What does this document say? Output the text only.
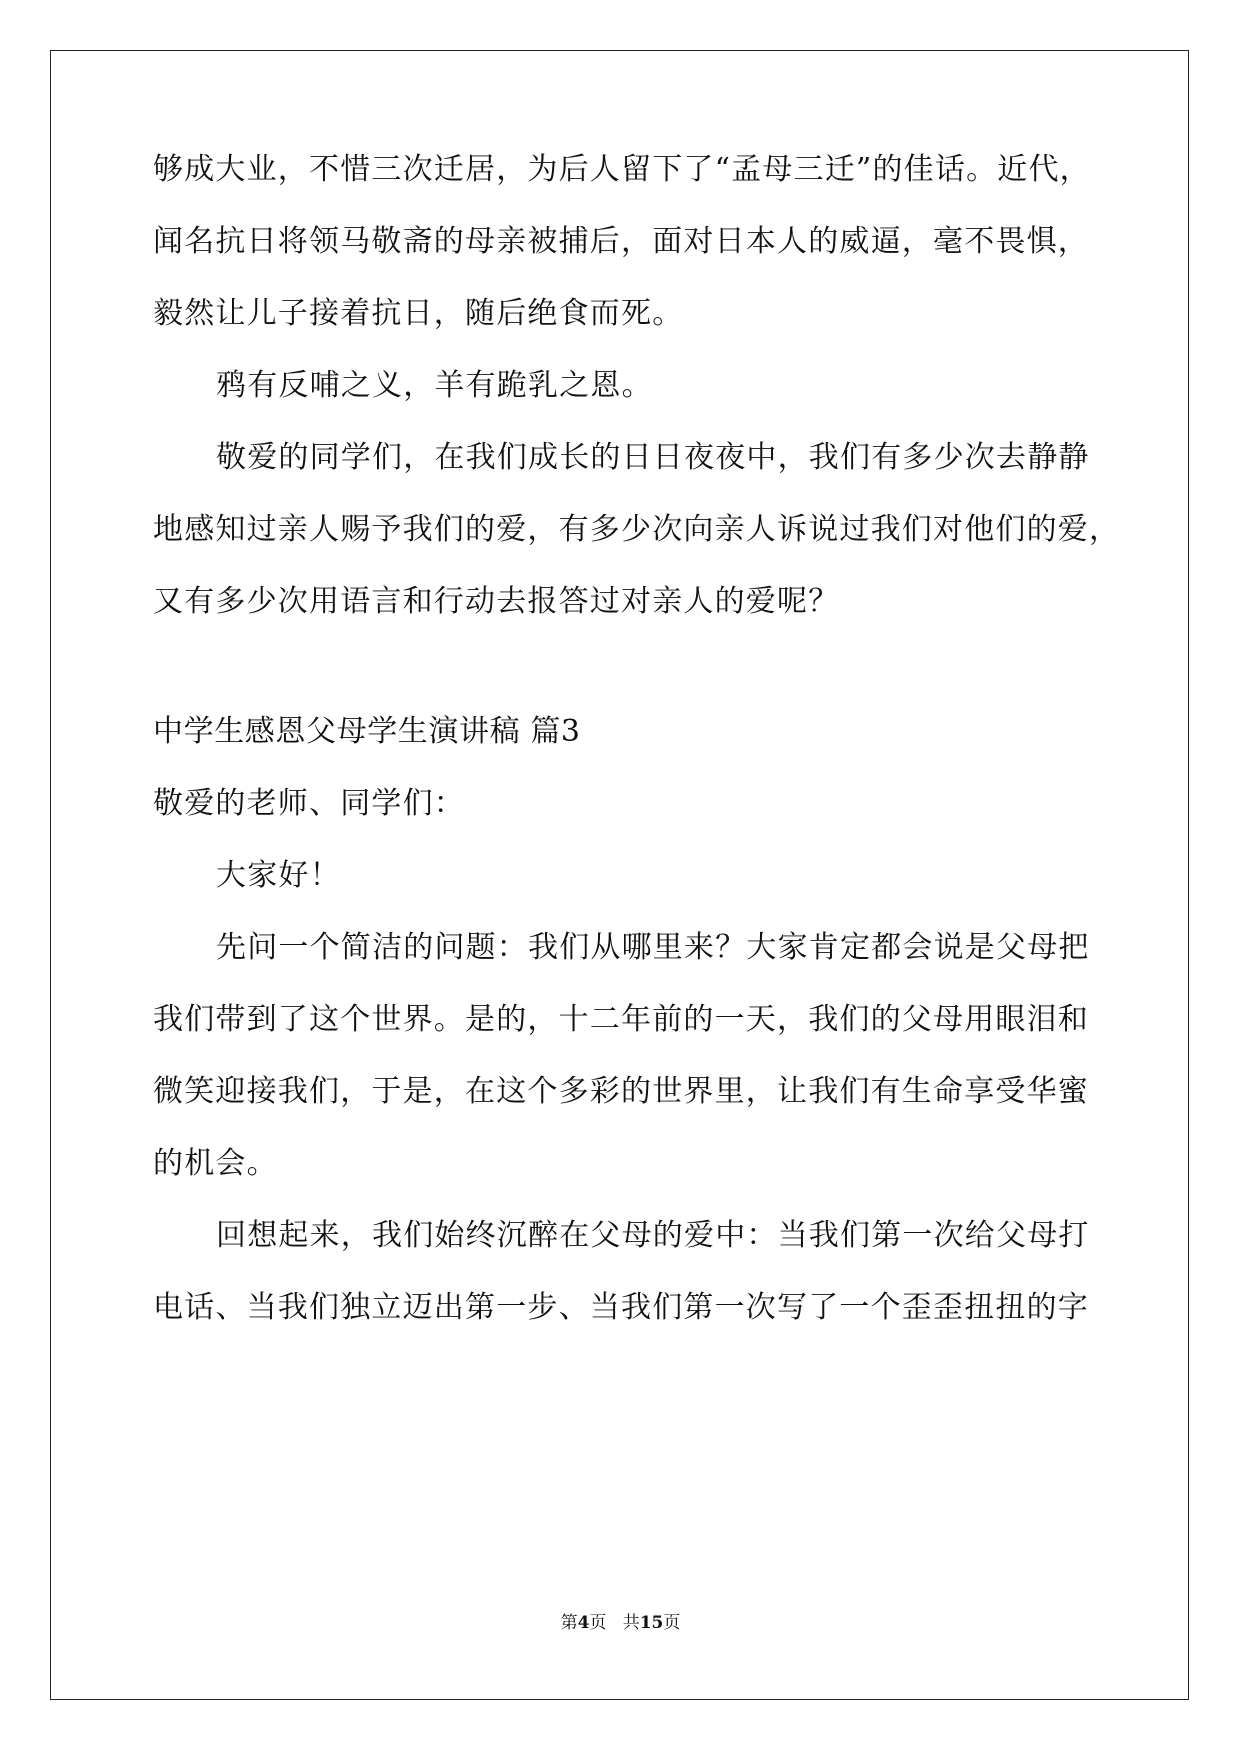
够成大业，不惜三次迁居，为后人留下了“孟母三迁”的佳话。近代，
闻名抗日将领马敬斋的母亲被捕后，面对日本人的威逼，毫不畏惧，
毅然让儿子接着抗日，随后绝食而死。
鸦有反哺之义，羊有跪乳之恩。
敬爱的同学们，在我们成长的日日夜夜中，我们有多少次去静静
地感知过亲人赐予我们的爱，有多少次向亲人诉说过我们对他们的爱，
又有多少次用语言和行动去报答过对亲人的爱呢？
中学生感恩父母学生演讲稿 篇3
敬爱的老师、同学们：
大家好！
先问一个简洁的问题：我们从哪里来？大家肯定都会说是父母把
我们带到了这个世界。是的，十二年前的一天，我们的父母用眼泪和
微笑迎接我们，于是，在这个多彩的世界里，让我们有生命享受华蜜
的机会。
回想起来，我们始终沉醉在父母的爱中：当我们第一次给父母打
电话、当我们独立迈出第一步、当我们第一次写了一个歪歪扭扭的字
第4页 共15页
